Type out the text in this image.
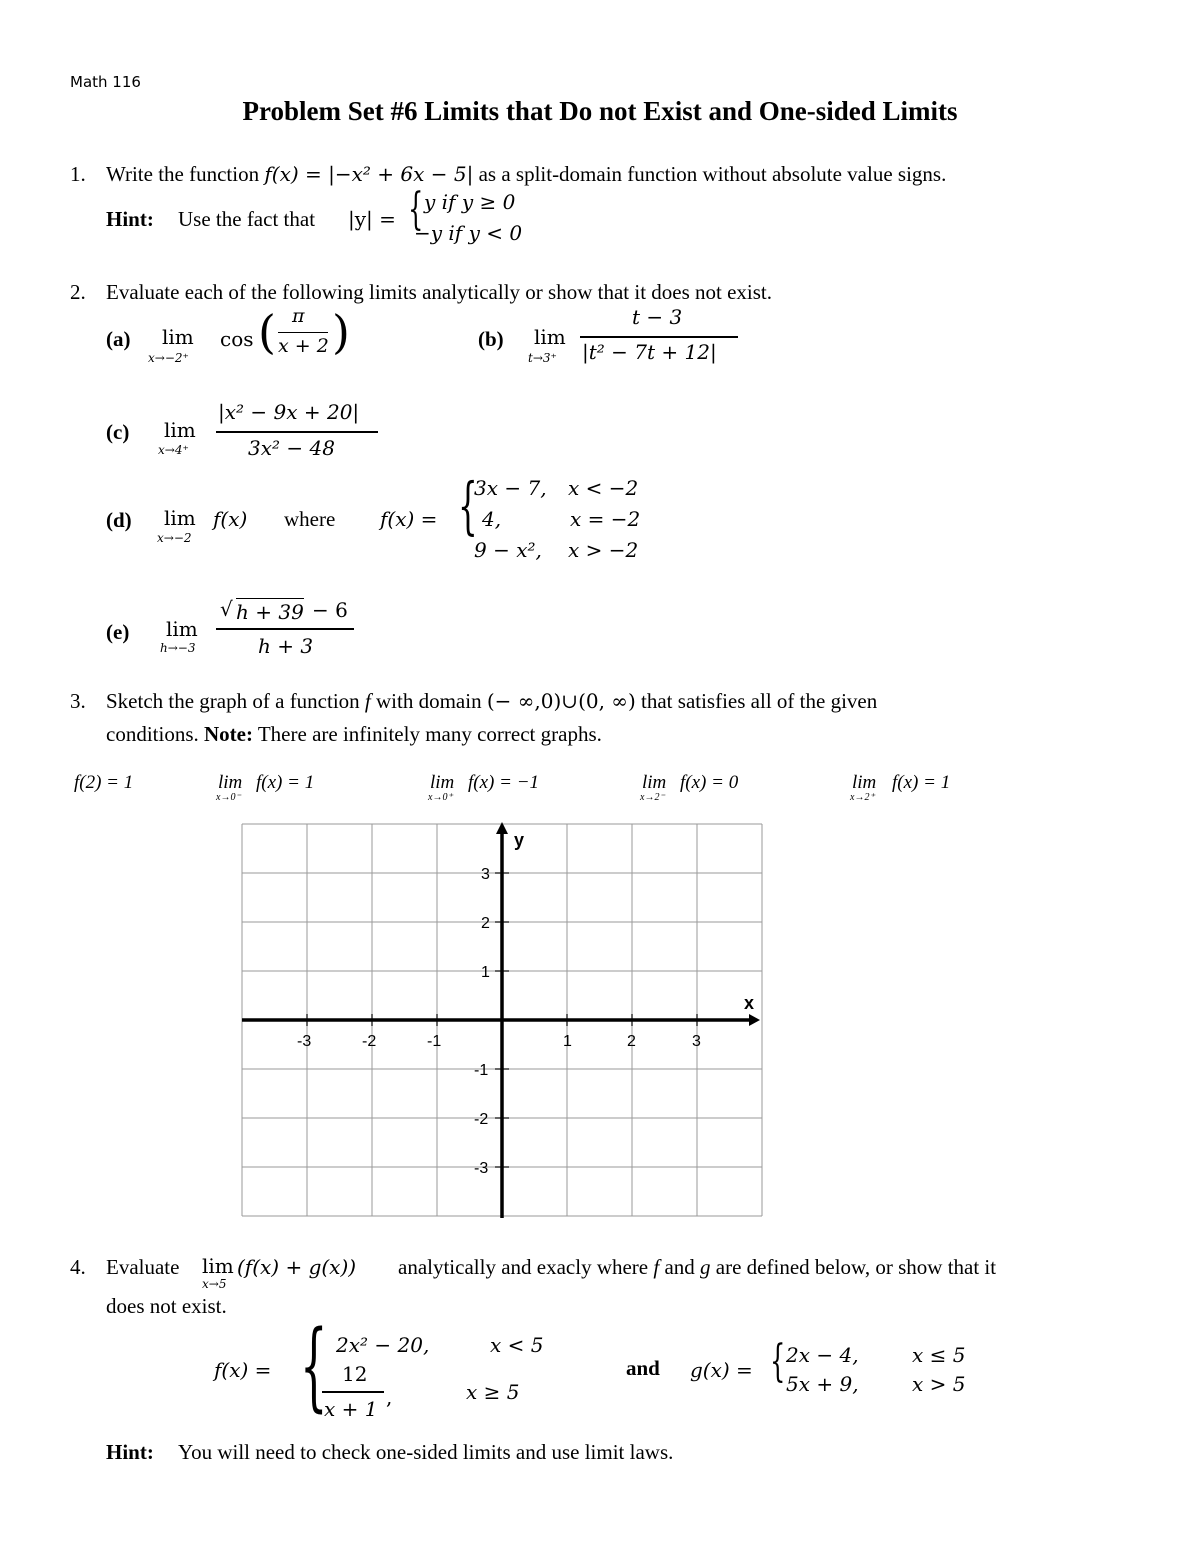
Math 116
Problem Set #6 Limits that Do not Exist and One-sided Limits
1. Write the function f(x) = |−x² + 6x − 5| as a split-domain function without absolute value signs.
Hint: Use the fact that |y| = { y if y ≥ 0
−y if y < 0
2. Evaluate each of the following limits analytically or show that it does not exist.
(a) lim
x→−2⁺
cos ( π
x + 2 )	(b) lim
t→3⁺
t − 3
|t² − 7t + 12|
(c) lim
x→4⁺
|x² − 9x + 20|
3x² − 48
(d) lim
x→−2
f(x) where f(x) = {
3x − 7, x < −2
4,	x = −2
9 − x², x > −2
(e) lim
h→−3
√ h + 39 − 6
h + 3
3. Sketch the graph of a function f with domain (− ∞,0)∪(0, ∞) that satisfies all of the given
conditions. Note: There are infinitely many correct graphs.
f(2) = 1	lim
x→0⁻
f(x) = 1	lim
x→0⁺
f(x) = −1	lim
x→2⁻
f(x) = 0	lim
x→2⁺
f(x) = 1
y
x
-3	-2	-1	1	2	3
3
2
1
-1
-2
-3
4. Evaluate lim
x→5
(f(x) + g(x)) analytically and exacly where f and g are defined below, or show that it
does not exist.
f(x) = { 2x² − 20,	x < 5
12
x + 1 ,	x ≥ 5
and g(x) = { 2x − 4,	x ≤ 5
5x + 9,	x > 5
Hint: You will need to check one-sided limits and use limit laws.
